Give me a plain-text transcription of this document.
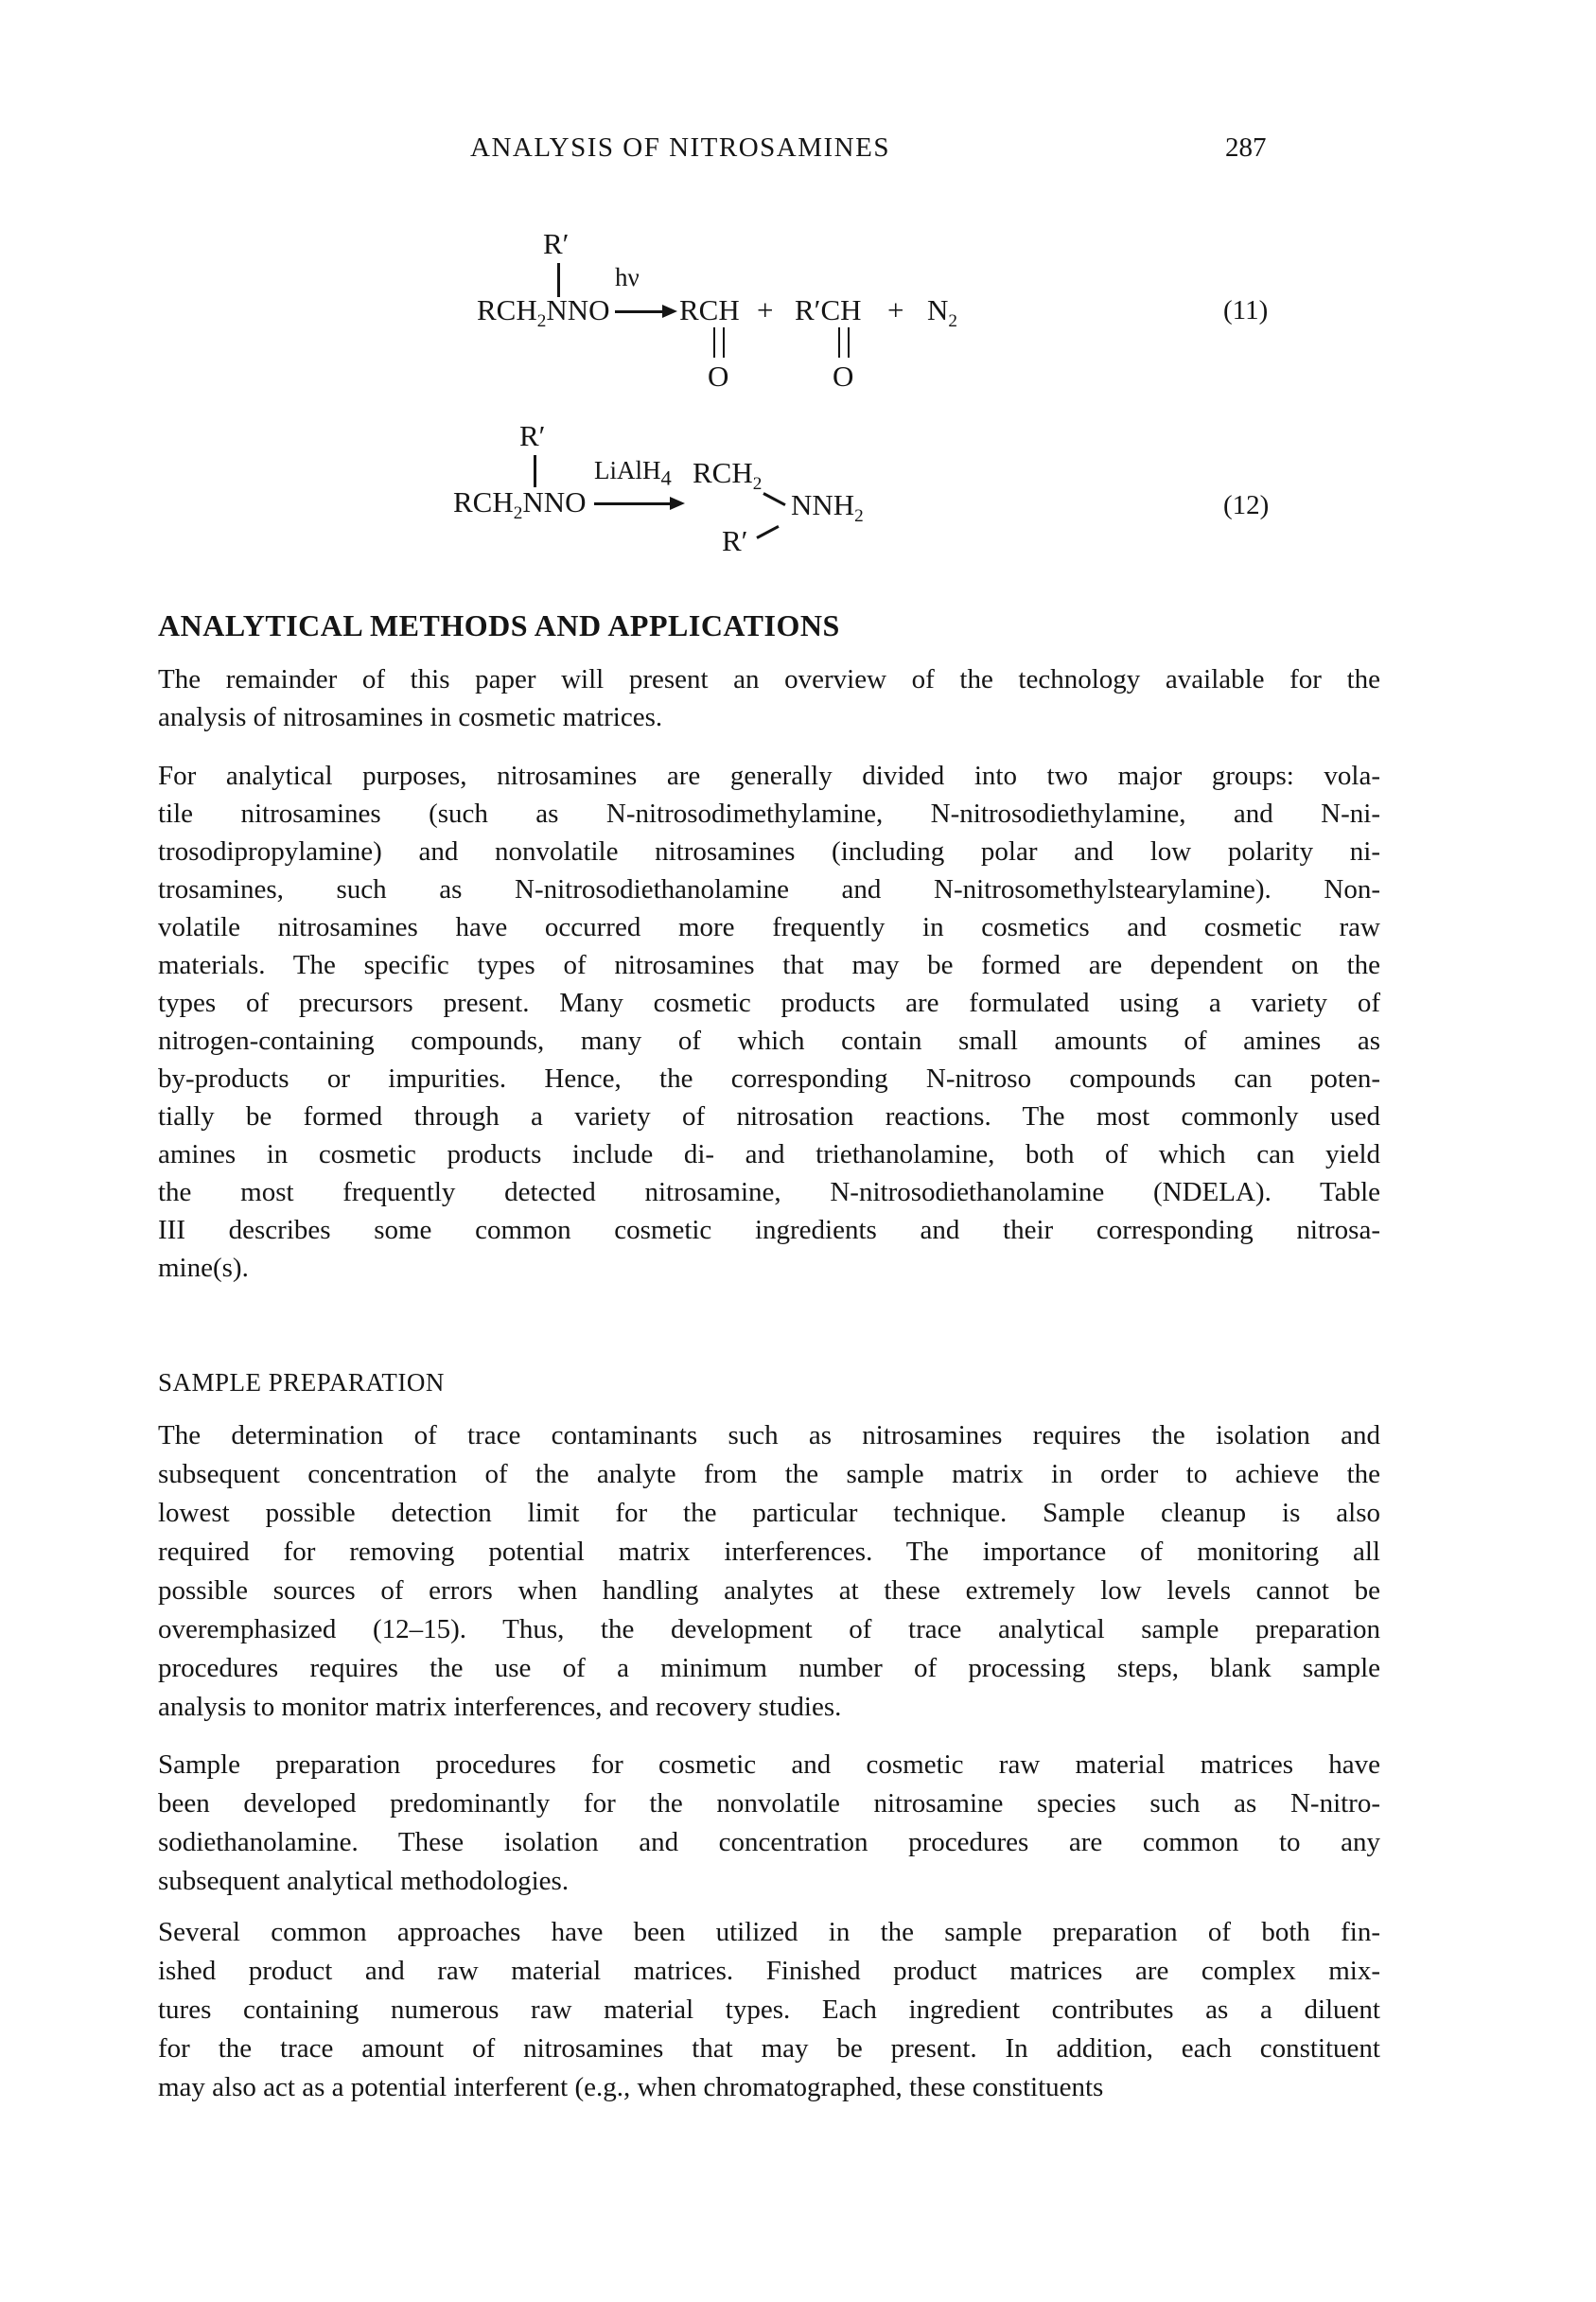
ANALYSIS OF NITROSAMINES	287
R′
$RCH_2NNO$
hν
RCH
O
+ R′CH
O
+ $N_2$	(11)
R′
$RCH_2NNO$
LiAlH$_4$ $RCH_2$
$NNH_2$
R′
(12)
ANALYTICAL METHODS AND APPLICATIONS
The remainder of this paper will present an overview of the technology available for the
analysis of nitrosamines in cosmetic matrices.
For analytical purposes, nitrosamines are generally divided into two major groups: vola-
tile nitrosamines (such as N-nitrosodimethylamine, N-nitrosodiethylamine, and N-ni-
trosodipropylamine) and nonvolatile nitrosamines (including polar and low polarity ni-
trosamines, such as N-nitrosodiethanolamine and N-nitrosomethylstearylamine). Non-
volatile nitrosamines have occurred more frequently in cosmetics and cosmetic raw
materials. The specific types of nitrosamines that may be formed are dependent on the
types of precursors present. Many cosmetic products are formulated using a variety of
nitrogen-containing compounds, many of which contain small amounts of amines as
by-products or impurities. Hence, the corresponding N-nitroso compounds can poten-
tially be formed through a variety of nitrosation reactions. The most commonly used
amines in cosmetic products include di- and triethanolamine, both of which can yield
the most frequently detected nitrosamine, N-nitrosodiethanolamine (NDELA). Table
III describes some common cosmetic ingredients and their corresponding nitrosa-
mine(s).
SAMPLE PREPARATION
The determination of trace contaminants such as nitrosamines requires the isolation and
subsequent concentration of the analyte from the sample matrix in order to achieve the
lowest possible detection limit for the particular technique. Sample cleanup is also
required for removing potential matrix interferences. The importance of monitoring all
possible sources of errors when handling analytes at these extremely low levels cannot be
overemphasized (12–15). Thus, the development of trace analytical sample preparation
procedures requires the use of a minimum number of processing steps, blank sample
analysis to monitor matrix interferences, and recovery studies.
Sample preparation procedures for cosmetic and cosmetic raw material matrices have
been developed predominantly for the nonvolatile nitrosamine species such as N-nitro-
sodiethanolamine. These isolation and concentration procedures are common to any
subsequent analytical methodologies.
Several common approaches have been utilized in the sample preparation of both fin-
ished product and raw material matrices. Finished product matrices are complex mix-
tures containing numerous raw material types. Each ingredient contributes as a diluent
for the trace amount of nitrosamines that may be present. In addition, each constituent
may also act as a potential interferent (e.g., when chromatographed, these constituents
